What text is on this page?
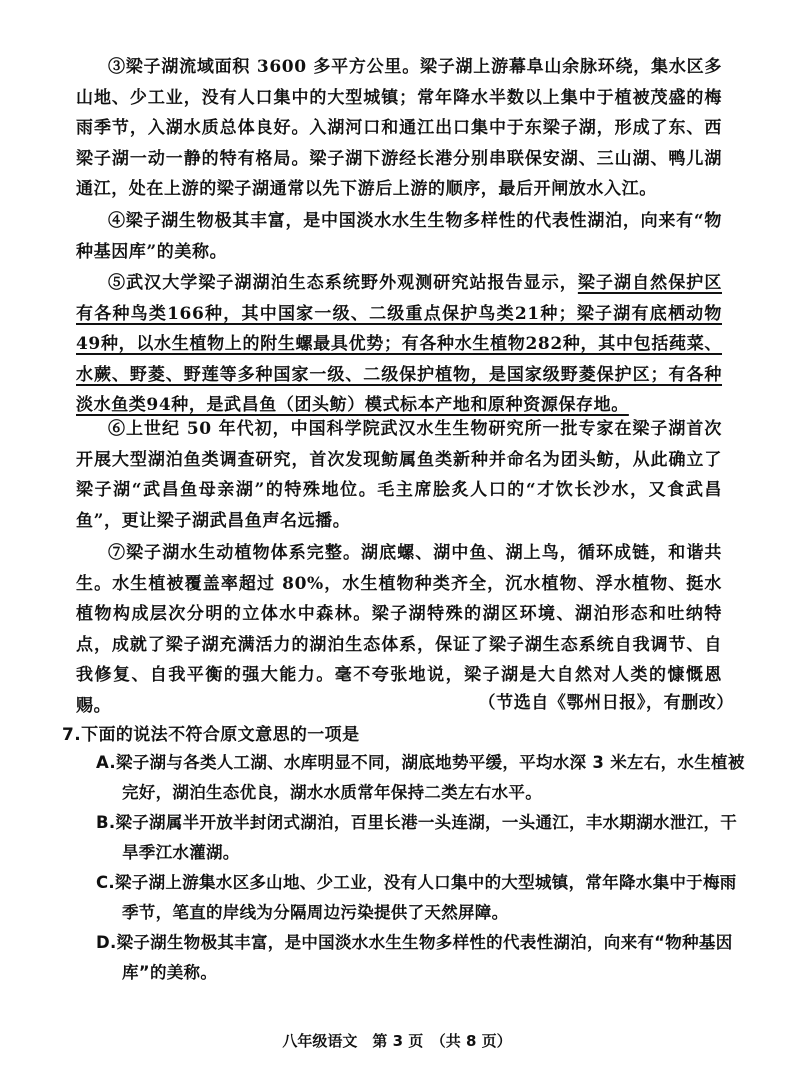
③梁子湖流域面积 3600 多平方公里。梁子湖上游幕阜山余脉环绕，集水区多山地、少工业，没有人口集中的大型城镇；常年降水半数以上集中于植被茂盛的梅雨季节，入湖水质总体良好。入湖河口和通江出口集中于东梁子湖，形成了东、西梁子湖一动一静的特有格局。梁子湖下游经长港分别串联保安湖、三山湖、鸭儿湖通江，处在上游的梁子湖通常以先下游后上游的顺序，最后开闸放水入江。
④梁子湖生物极其丰富，是中国淡水水生生物多样性的代表性湖泊，向来有“物种基因库”的美称。
⑤武汉大学梁子湖湖泊生态系统野外观测研究站报告显示，梁子湖自然保护区有各种鸟类166种，其中国家一级、二级重点保护鸟类21种；梁子湖有底栖动物49种，以水生植物上的附生螺最具优势；有各种水生植物282种，其中包括莼菜、水蕨、野菱、野莲等多种国家一级、二级保护植物，是国家级野菱保护区；有各种淡水鱼类94种，是武昌鱼（团头鲂）模式标本产地和原种资源保存地。
⑥上世纪 50 年代初，中国科学院武汉水生生物研究所一批专家在梁子湖首次开展大型湖泊鱼类调查研究，首次发现鲂属鱼类新种并命名为团头鲂，从此确立了梁子湖“武昌鱼母亲湖”的特殊地位。毛主席脍炙人口的“才饮长沙水，又食武昌鱼”，更让梁子湖武昌鱼声名远播。
⑦梁子湖水生动植物体系完整。湖底螺、湖中鱼、湖上鸟，循环成链，和谐共生。水生植被覆盖率超过 80%，水生植物种类齐全，沉水植物、浮水植物、挺水植物构成层次分明的立体水中森林。梁子湖特殊的湖区环境、湖泊形态和吐纳特点，成就了梁子湖充满活力的湖泊生态体系，保证了梁子湖生态系统自我调节、自我修复、自我平衡的强大能力。毫不夸张地说，梁子湖是大自然对人类的慷慨恩赐。	（节选自《鄂州日报》，有删改）
7.下面的说法不符合原文意思的一项是
A.梁子湖与各类人工湖、水库明显不同，湖底地势平缓，平均水深 3 米左右，水生植被完好，湖泊生态优良，湖水水质常年保持二类左右水平。
B.梁子湖属半开放半封闭式湖泊，百里长港一头连湖，一头通江，丰水期湖水泄江，干旱季江水灌湖。
C.梁子湖上游集水区多山地、少工业，没有人口集中的大型城镇，常年降水集中于梅雨季节，笔直的岸线为分隔周边污染提供了天然屏障。
D.梁子湖生物极其丰富，是中国淡水水生生物多样性的代表性湖泊，向来有“物种基因库”的美称。
八年级语文　第 3 页　（共 8 页）
